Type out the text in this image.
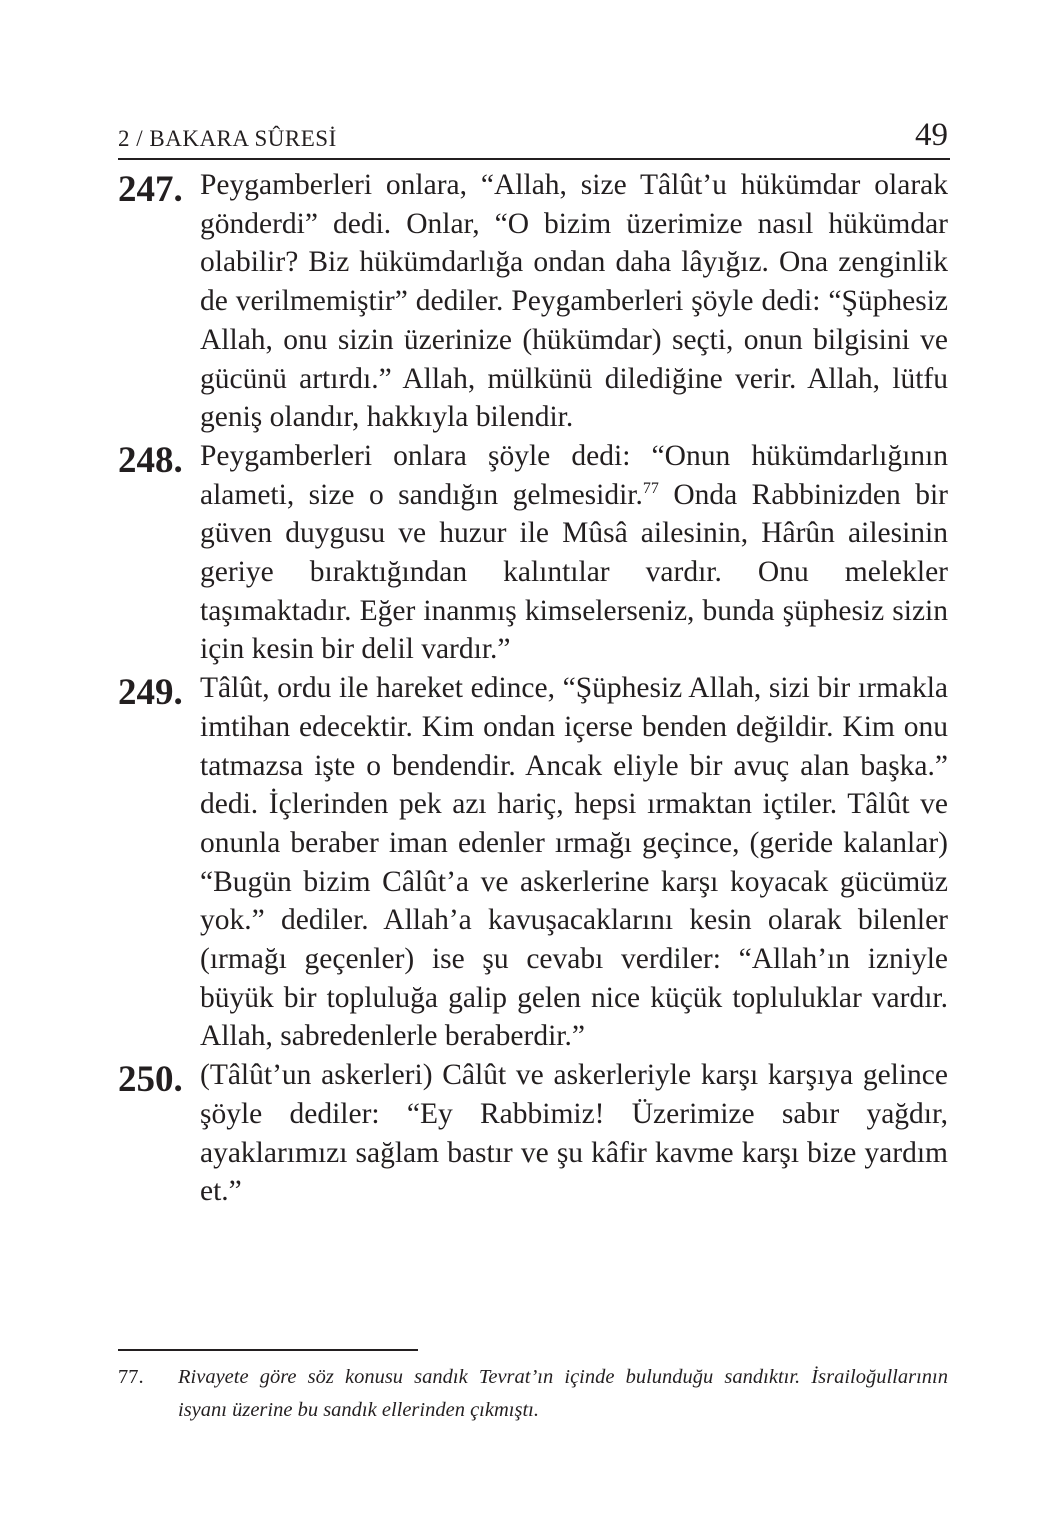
2 / BAKARA SÛRESİ	49

247. Peygamberleri onlara, “Allah, size Tâlût’u hükümdar olarak gönderdi” dedi. Onlar, “O bizim üzerimize nasıl hükümdar olabilir? Biz hükümdarlığa ondan daha lâyığız. Ona zenginlik de verilmemiştir” dediler. Peygamberleri şöyle dedi: “Şüphesiz Allah, onu sizin üzerinize (hükümdar) seçti, onun bilgisini ve gücünü artırdı.” Allah, mülkünü dilediğine verir. Allah, lütfu geniş olandır, hakkıyla bilendir.

248. Peygamberleri onlara şöyle dedi: “Onun hükümdarlığının alameti, size o sandığın gelmesidir.$^{77}$ Onda Rabbinizden bir güven duygusu ve huzur ile Mûsâ ailesinin, Hârûn ailesinin geriye bıraktığından kalıntılar vardır. Onu melekler taşımaktadır. Eğer inanmış kimselerseniz, bunda şüphesiz sizin için kesin bir delil vardır.”

249. Tâlût, ordu ile hareket edince, “Şüphesiz Allah, sizi bir ırmakla imtihan edecektir. Kim ondan içerse benden değildir. Kim onu tatmazsa işte o bendendir. Ancak eliyle bir avuç alan başka.” dedi. İçlerinden pek azı hariç, hepsi ırmaktan içtiler. Tâlût ve onunla beraber iman edenler ırmağı geçince, (geride kalanlar) “Bugün bizim Câlût’a ve askerlerine karşı koyacak gücümüz yok.” dediler. Allah’a kavuşacaklarını kesin olarak bilenler (ırmağı geçenler) ise şu cevabı verdiler: “Allah’ın izniyle büyük bir topluluğa galip gelen nice küçük topluluklar vardır. Allah, sabredenlerle beraberdir.”

250. (Tâlût’un askerleri) Câlût ve askerleriyle karşı karşıya gelince şöyle dediler: “Ey Rabbimiz! Üzerimize sabır yağdır, ayaklarımızı sağlam bastır ve şu kâfir kavme karşı bize yardım et.”

77.	Rivayete göre söz konusu sandık Tevrat’ın içinde bulunduğu sandıktır. İsrailoğullarının isyanı üzerine bu sandık ellerinden çıkmıştı.
